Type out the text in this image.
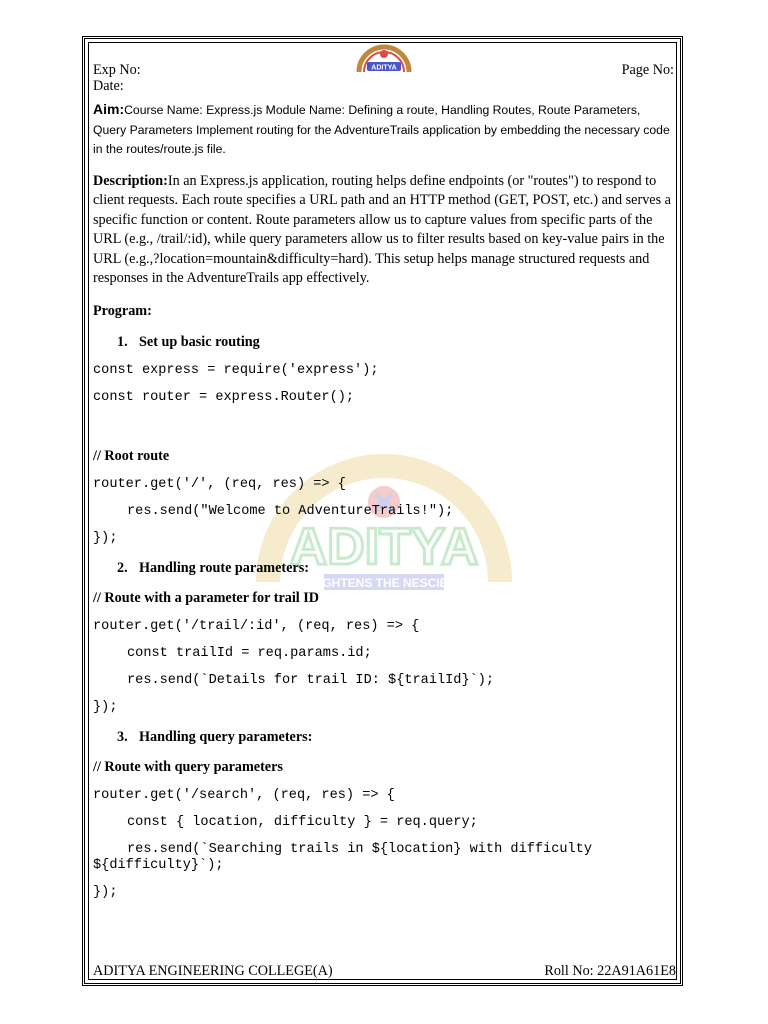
ADITYA
ENLIGHTENS THE NESCIENCE
Exp No:
Date:
ADITYA	Page No:
Aim:Course Name: Express.js Module Name: Defining a route, Handling Routes, Route Parameters, Query Parameters Implement routing for the AdventureTrails application by embedding the necessary code in the routes/route.js file.
Description:In an Express.js application, routing helps define endpoints (or "routes") to respond to client requests. Each route specifies a URL path and an HTTP method (GET, POST, etc.) and serves a specific function or content. Route parameters allow us to capture values from specific parts of the URL (e.g., /trail/:id), while query parameters allow us to filter results based on key-value pairs in the URL (e.g.,?location=mountain&difficulty=hard). This setup helps manage structured requests and responses in the AdventureTrails app effectively.
Program:
1. Set up basic routing
const express = require('express');
const router = express.Router();
// Root route
router.get('/', (req, res) => {
res.send("Welcome to AdventureTrails!");
});
2. Handling route parameters:
// Route with a parameter for trail ID
router.get('/trail/:id', (req, res) => {
const trailId = req.params.id;
res.send(`Details for trail ID: ${trailId}`);
});
3. Handling query parameters:
// Route with query parameters
router.get('/search', (req, res) => {
const { location, difficulty } = req.query;
res.send(`Searching trails in ${location} with difficulty ${difficulty}`);
});
ADITYA ENGINEERING COLLEGE(A)	Roll No: 22A91A61E8
